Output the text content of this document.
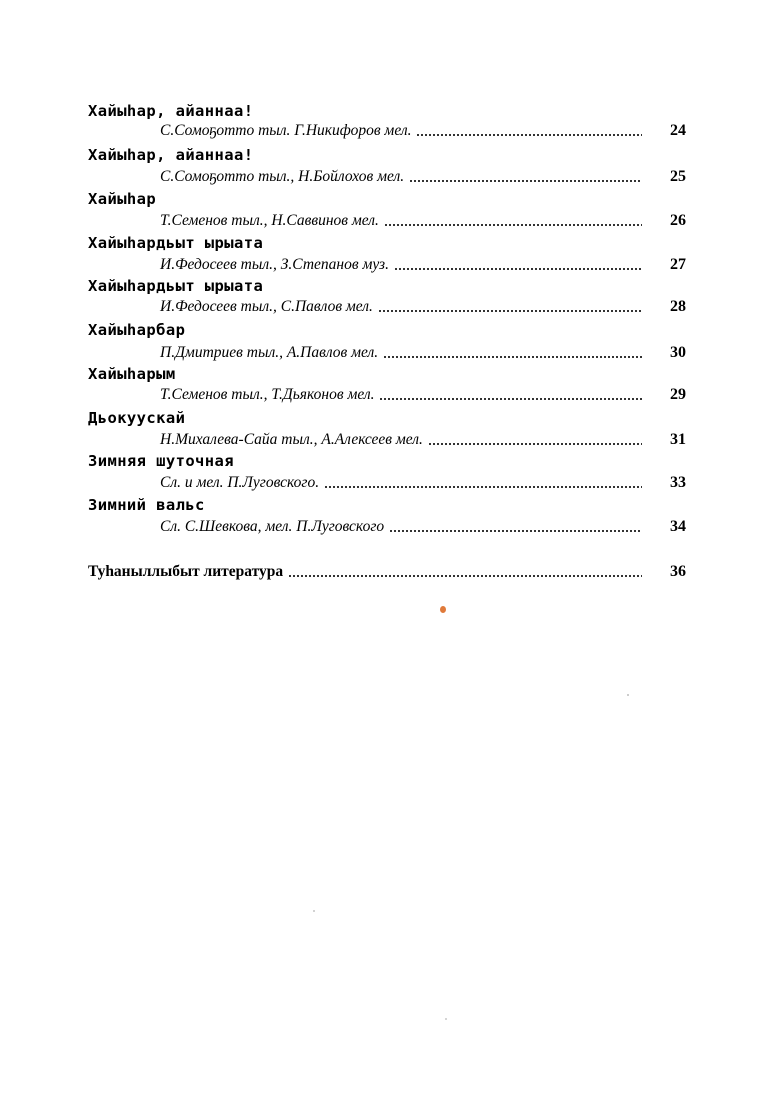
Хайыhар, айаннаа!
С.Сомоҕотто тыл. Г.Никифоров мел.	24
Хайыhар, айаннаа!
С.Сомоҕотто тыл., Н.Бойлохов мел.	25
Хайыhар
Т.Семенов тыл., Н.Саввинов мел.	26
Хайыhардьыт ырыата
И.Федосеев тыл., З.Степанов муз.	27
Хайыhардьыт ырыата
И.Федосеев тыл., С.Павлов мел.	28
Хайыhарбар
П.Дмитриев тыл., А.Павлов мел.	30
Хайыhарым
Т.Семенов тыл., Т.Дьяконов мел.	29
Дьокуускай
Н.Михалева-Сайа тыл., А.Алексеев мел.	31
Зимняя шуточная
Сл. и мел. П.Луговского.	33
Зимний вальс
Сл. С.Шевкова, мел. П.Луговского	34
Туhаныллыбыт литература	36
